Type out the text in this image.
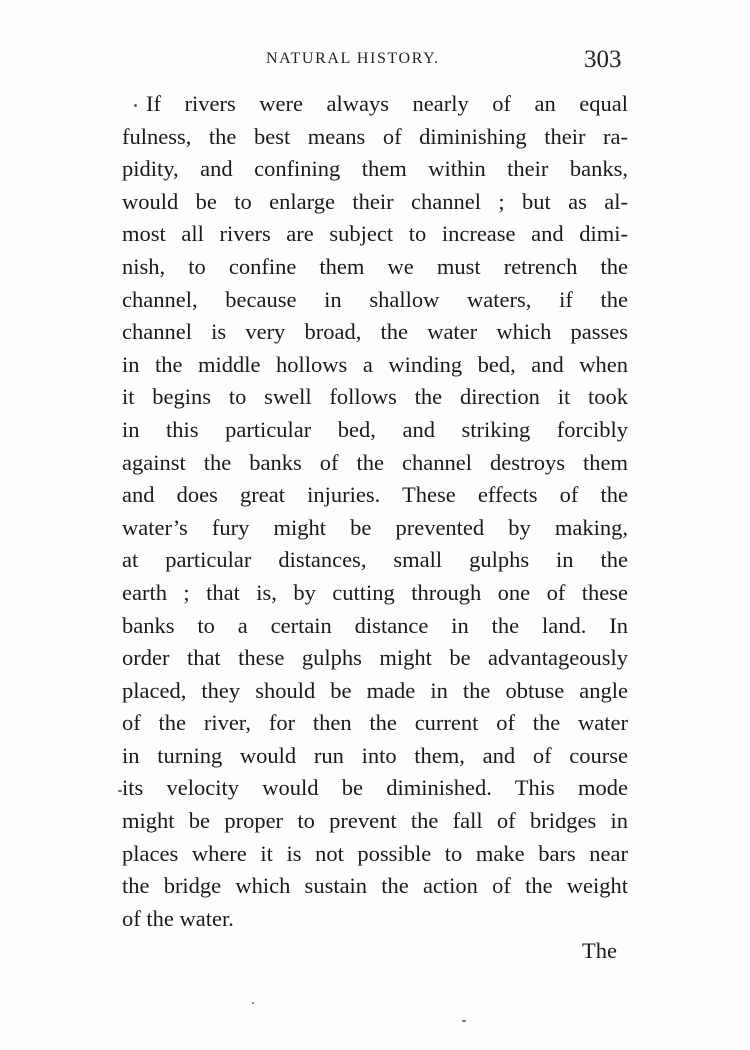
NATURAL HISTORY.	303
If rivers were always nearly of an equal
fulness, the best means of diminishing their ra-
pidity, and confining them within their banks,
would be to enlarge their channel ; but as al-
most all rivers are subject to increase and dimi-
nish, to confine them we must retrench the
channel, because in shallow waters, if the
channel is very broad, the water which passes
in the middle hollows a winding bed, and when
it begins to swell follows the direction it took
in this particular bed, and striking forcibly
against the banks of the channel destroys them
and does great injuries. These effects of the
water’s fury might be prevented by making,
at particular distances, small gulphs in the
earth ; that is, by cutting through one of these
banks to a certain distance in the land. In
order that these gulphs might be advantageously
placed, they should be made in the obtuse angle
of the river, for then the current of the water
in turning would run into them, and of course
its velocity would be diminished. This mode
might be proper to prevent the fall of bridges in
places where it is not possible to make bars near
the bridge which sustain the action of the weight
of the water.
The
